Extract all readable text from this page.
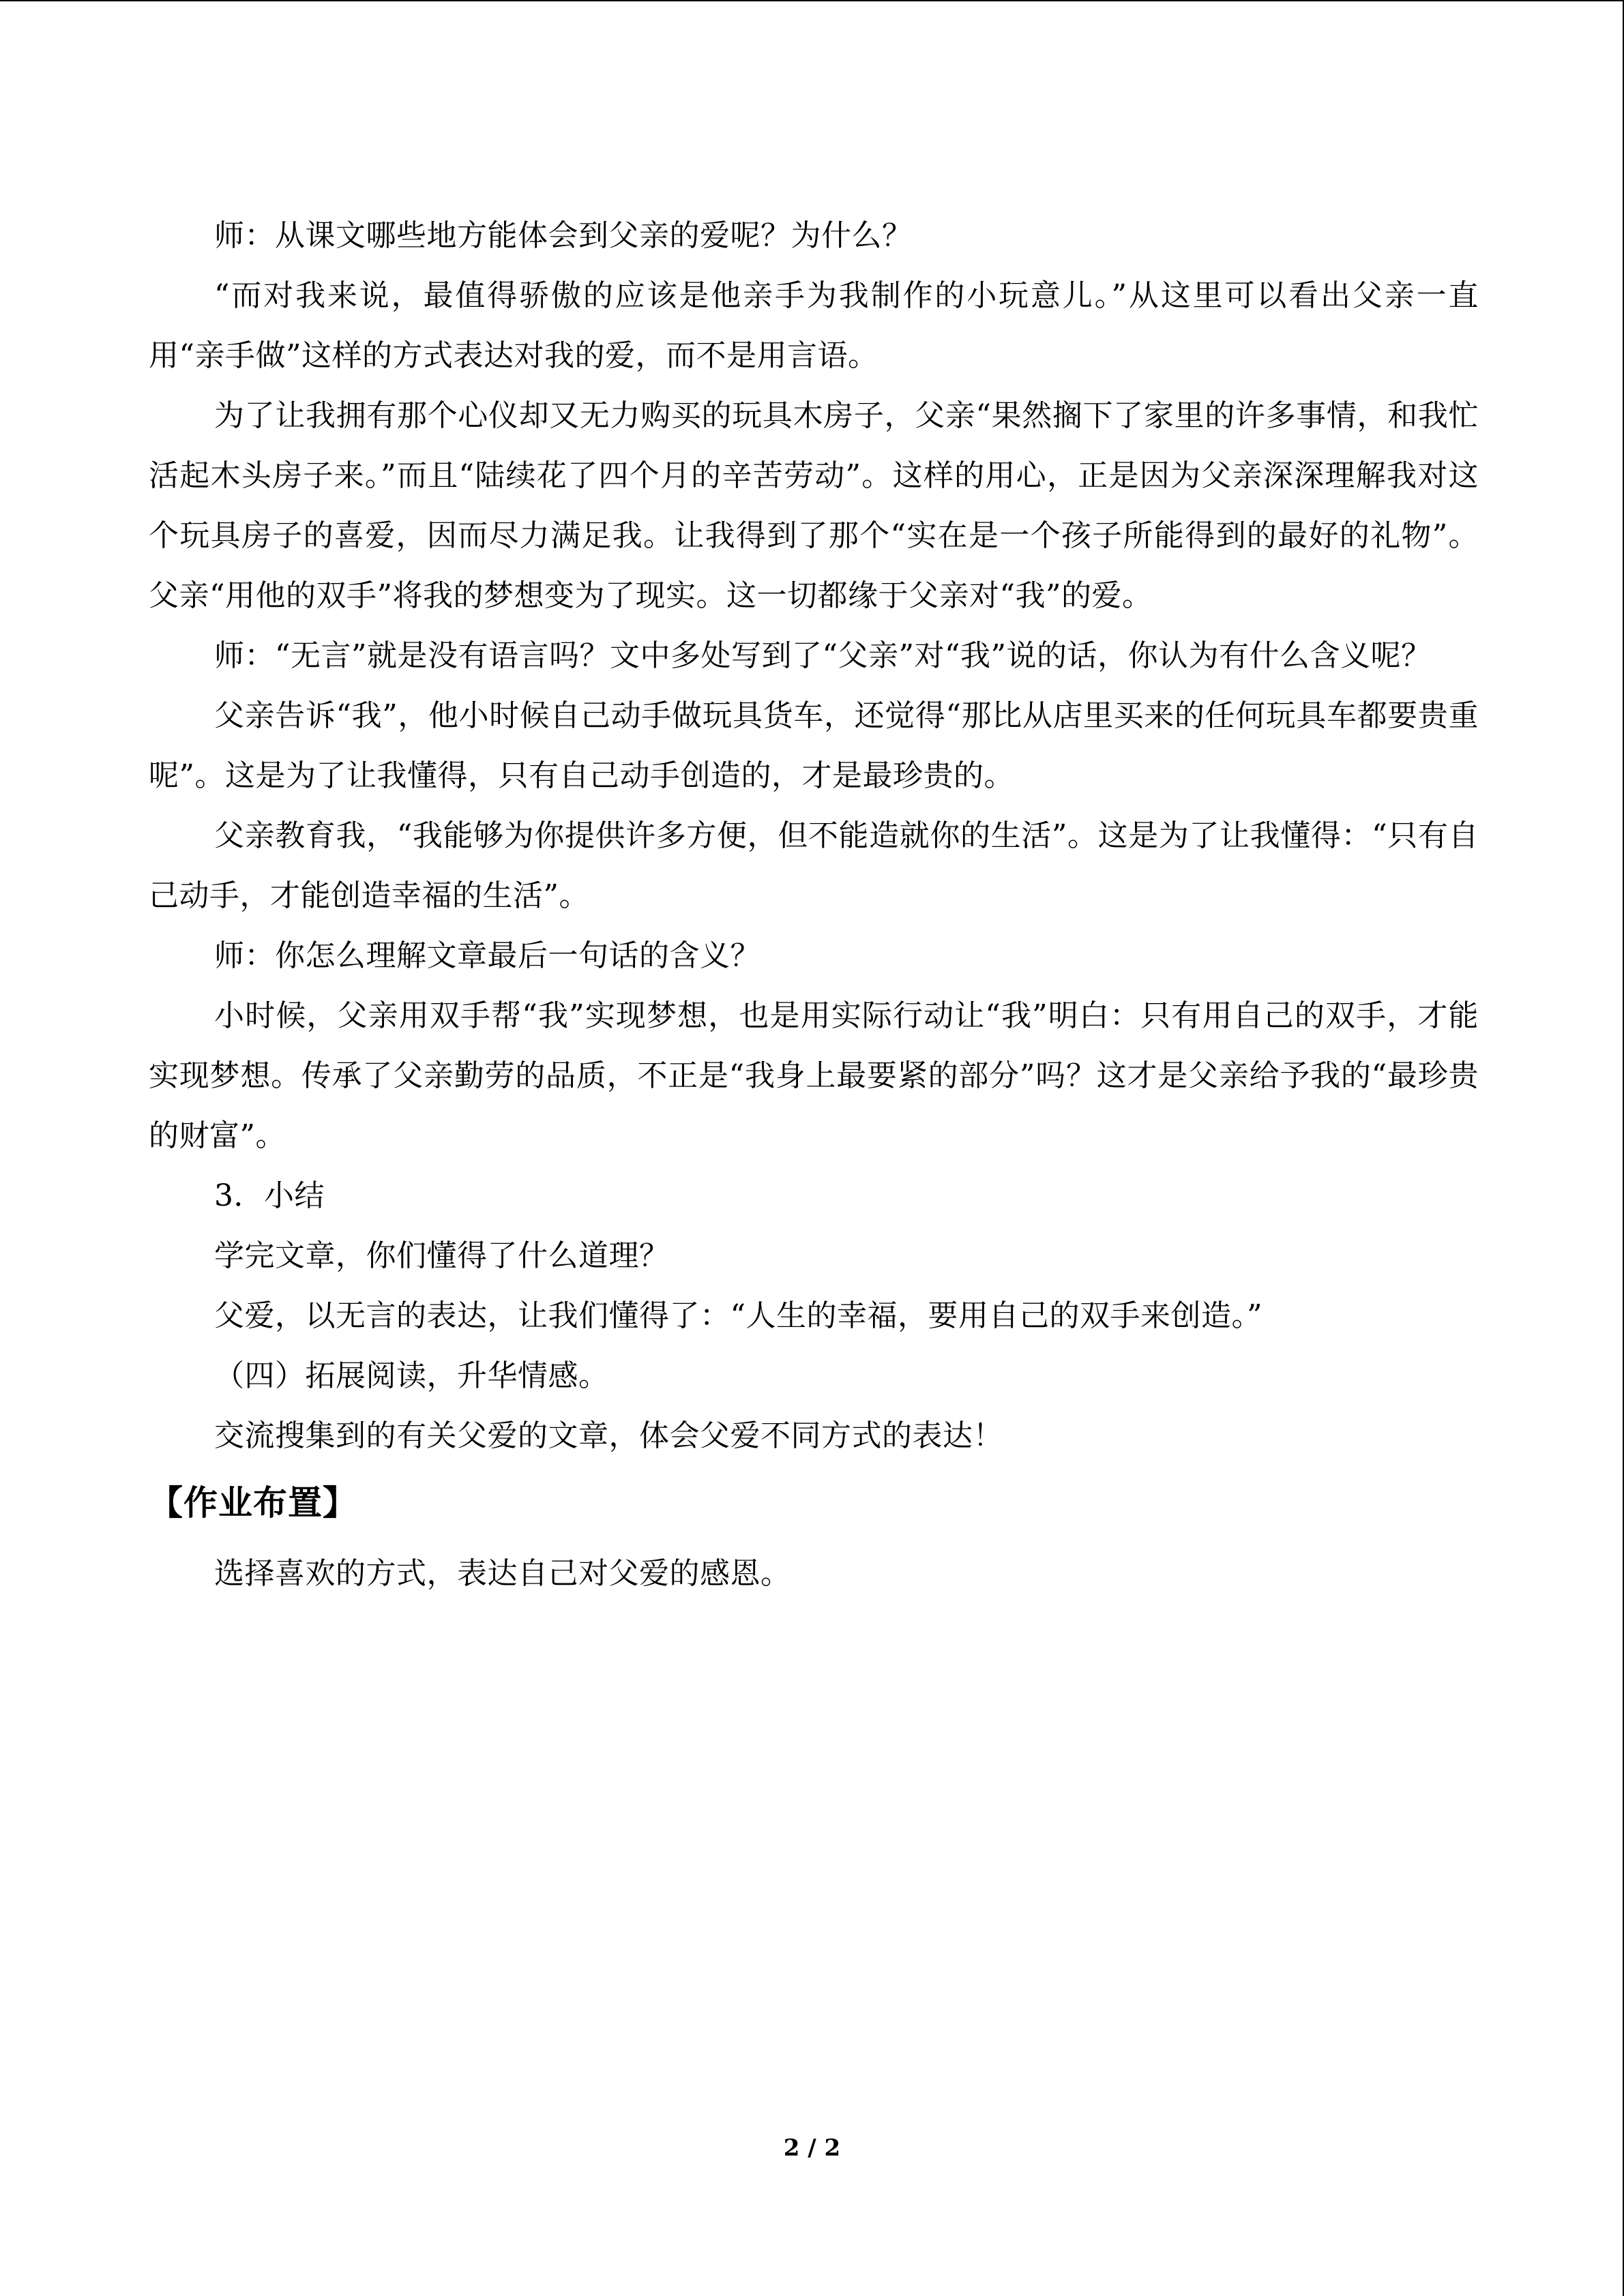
师：从课文哪些地方能体会到父亲的爱呢？为什么？

“而对我来说，最值得骄傲的应该是他亲手为我制作的小玩意儿。”从这里可以看出父亲一直用“亲手做”这样的方式表达对我的爱，而不是用言语。

为了让我拥有那个心仪却又无力购买的玩具木房子，父亲“果然搁下了家里的许多事情，和我忙活起木头房子来。”而且“陆续花了四个月的辛苦劳动”。这样的用心，正是因为父亲深深理解我对这个玩具房子的喜爱，因而尽力满足我。让我得到了那个“实在是一个孩子所能得到的最好的礼物”。父亲“用他的双手”将我的梦想变为了现实。这一切都缘于父亲对“我”的爱。

师：“无言”就是没有语言吗？文中多处写到了“父亲”对“我”说的话，你认为有什么含义呢？

父亲告诉“我”，他小时候自己动手做玩具货车，还觉得“那比从店里买来的任何玩具车都要贵重呢”。这是为了让我懂得，只有自己动手创造的，才是最珍贵的。

父亲教育我，“我能够为你提供许多方便，但不能造就你的生活”。这是为了让我懂得：“只有自己动手，才能创造幸福的生活”。

师：你怎么理解文章最后一句话的含义？

小时候，父亲用双手帮“我”实现梦想，也是用实际行动让“我”明白：只有用自己的双手，才能实现梦想。传承了父亲勤劳的品质，不正是“我身上最要紧的部分”吗？这才是父亲给予我的“最珍贵的财富”。

3．小结

学完文章，你们懂得了什么道理？

父爱，以无言的表达，让我们懂得了：“人生的幸福，要用自己的双手来创造。”

（四）拓展阅读，升华情感。

交流搜集到的有关父爱的文章，体会父爱不同方式的表达！

【作业布置】

选择喜欢的方式，表达自己对父爱的感恩。

2 / 2
